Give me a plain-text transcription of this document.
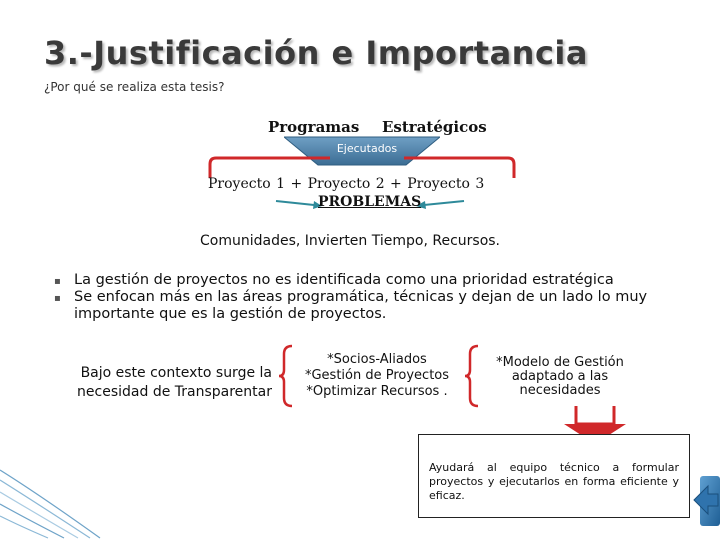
3.-Justificación e Importancia
¿Por qué se realiza esta tesis?
Programas Estratégicos
Ejecutados
Proyecto 1 + Proyecto 2 + Proyecto 3
PROBLEMAS
Comunidades, Invierten Tiempo, Recursos.
▪ La gestión de proyectos no es identificada como una prioridad estratégica
▪ Se enfocan más en las áreas programática, técnicas y dejan de un lado lo muy importante que es la gestión de proyectos.
Bajo este contexto surge la
necesidad de Transparentar
*Socios-Aliados
*Gestión de Proyectos
*Optimizar Recursos .
*Modelo de Gestión
adaptado a las
necesidades
Ayudará al equipo técnico a formular proyectos y ejecutarlos en forma eficiente y eficaz.
